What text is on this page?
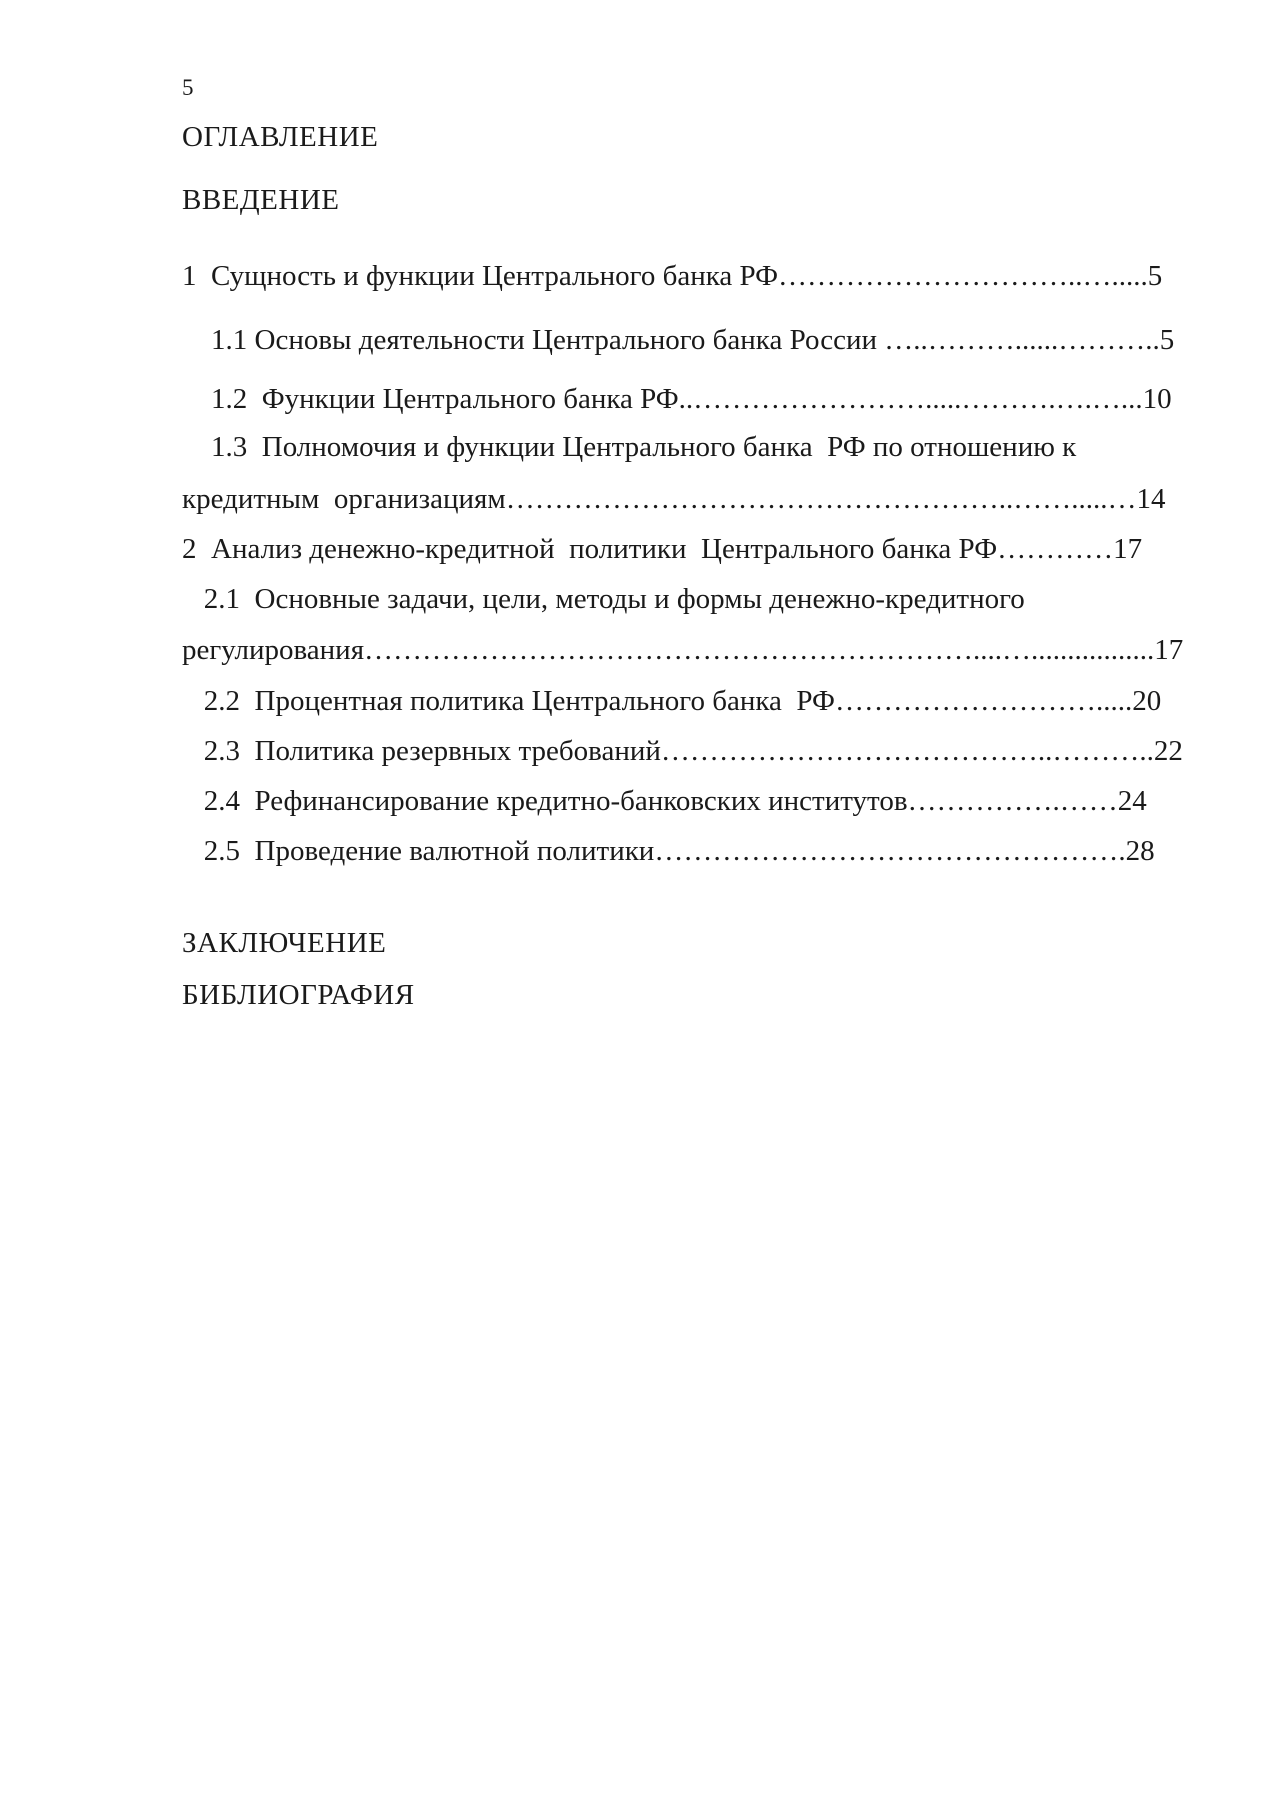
5
ОГЛАВЛЕНИЕ
ВВЕДЕНИЕ
1  Сущность и функции Центрального банка РФ…………………………..….....5
1.1 Основы деятельности Центрального банка России …..………......………..5
1.2  Функции Центрального банка РФ..…………………….....……….….…...10
1.3  Полномочия и функции Центрального банка  РФ по отношению к
кредитным  организациям……………………………………………..…….....…14
2  Анализ денежно-кредитной  политики  Центрального банка РФ…………17
2.1  Основные задачи, цели, методы и формы денежно-кредитного
регулирования………………………………………………………....….................17
2.2  Процентная политика Центрального банка  РФ……………………….....20
2.3  Политика резервных требований…………………………………..………..22
2.4  Рефинансирование кредитно-банковских институтов…………….……24
2.5  Проведение валютной политики………………………………………….28
ЗАКЛЮЧЕНИЕ
БИБЛИОГРАФИЯ
